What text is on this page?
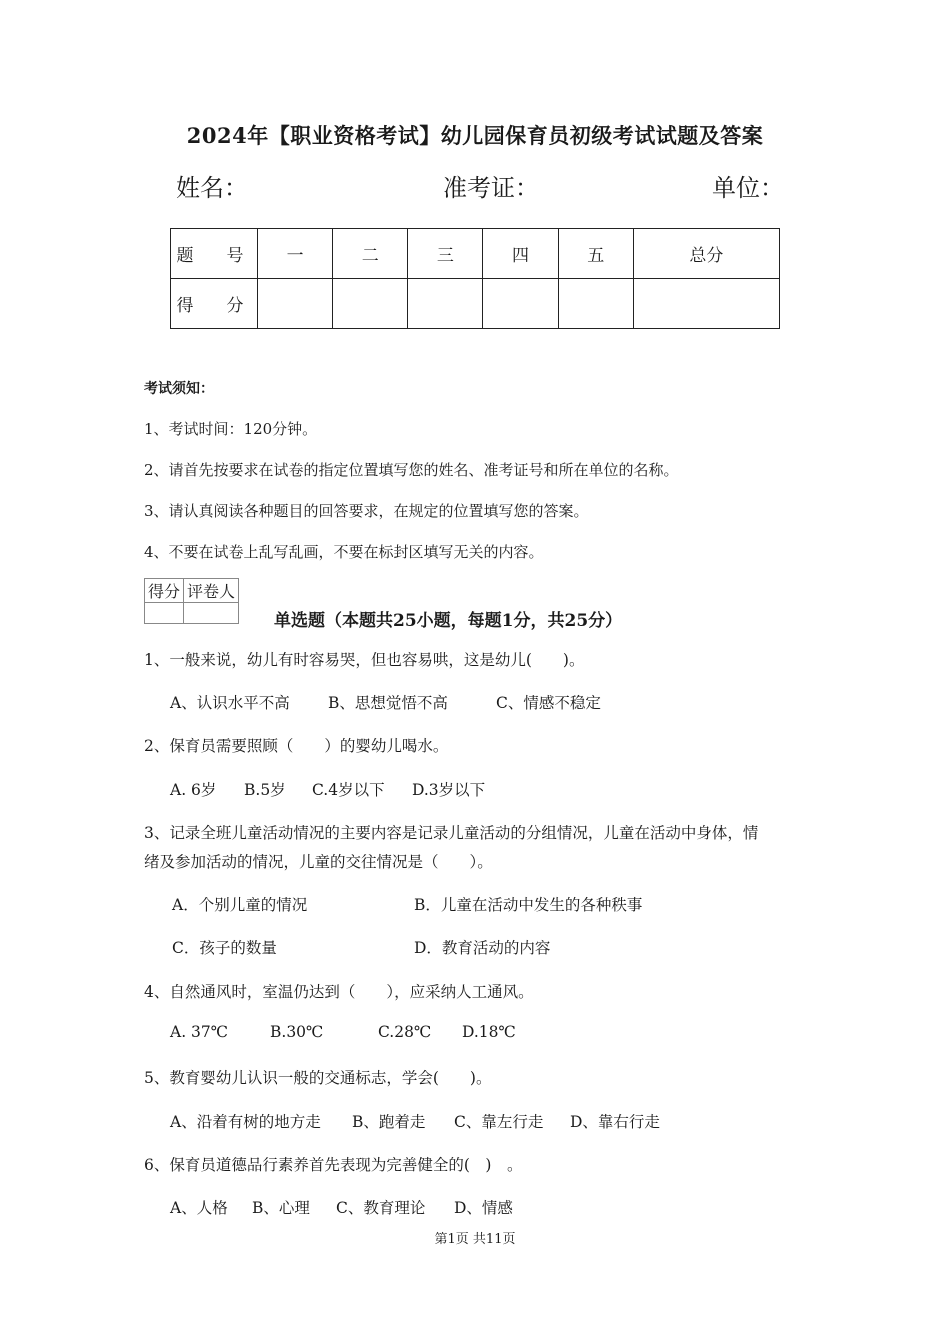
2024年【职业资格考试】幼儿园保育员初级考试试题及答案
姓名：	准考证：	单位：
题　号	一	二	三	四	五	总分
得　分						
考试须知：
1、考试时间：120分钟。
2、请首先按要求在试卷的指定位置填写您的姓名、准考证号和所在单位的名称。
3、请认真阅读各种题目的回答要求，在规定的位置填写您的答案。
4、不要在试卷上乱写乱画，不要在标封区填写无关的内容。
得分	评卷人

单选题（本题共25小题，每题1分，共25分）
1、一般来说，幼儿有时容易哭，但也容易哄，这是幼儿(　　)。
A、认识水平不高 B、思想觉悟不高	C、情感不稳定
2、保育员需要照顾（　　）的婴幼儿喝水。
A. 6岁 B.5岁 C.4岁以下 D.3岁以下
3、记录全班儿童活动情况的主要内容是记录儿童活动的分组情况，儿童在活动中身体，情
绪及参加活动的情况，儿童的交往情况是（　　）。
A．个别儿童的情况	B．儿童在活动中发生的各种秩事
C．孩子的数量	D．教育活动的内容
4、自然通风时，室温仍达到（　　），应采纳人工通风。
A. 37℃	B.30℃	C.28℃ D.18℃
5、教育婴幼儿认识一般的交通标志，学会(　　)。
A、沿着有树的地方走 B、跑着走 C、靠左行走 D、靠右行走
6、保育员道德品行素养首先表现为完善健全的(　)　。
A、人格 B、心理 C、教育理论 D、情感
第1页 共11页
